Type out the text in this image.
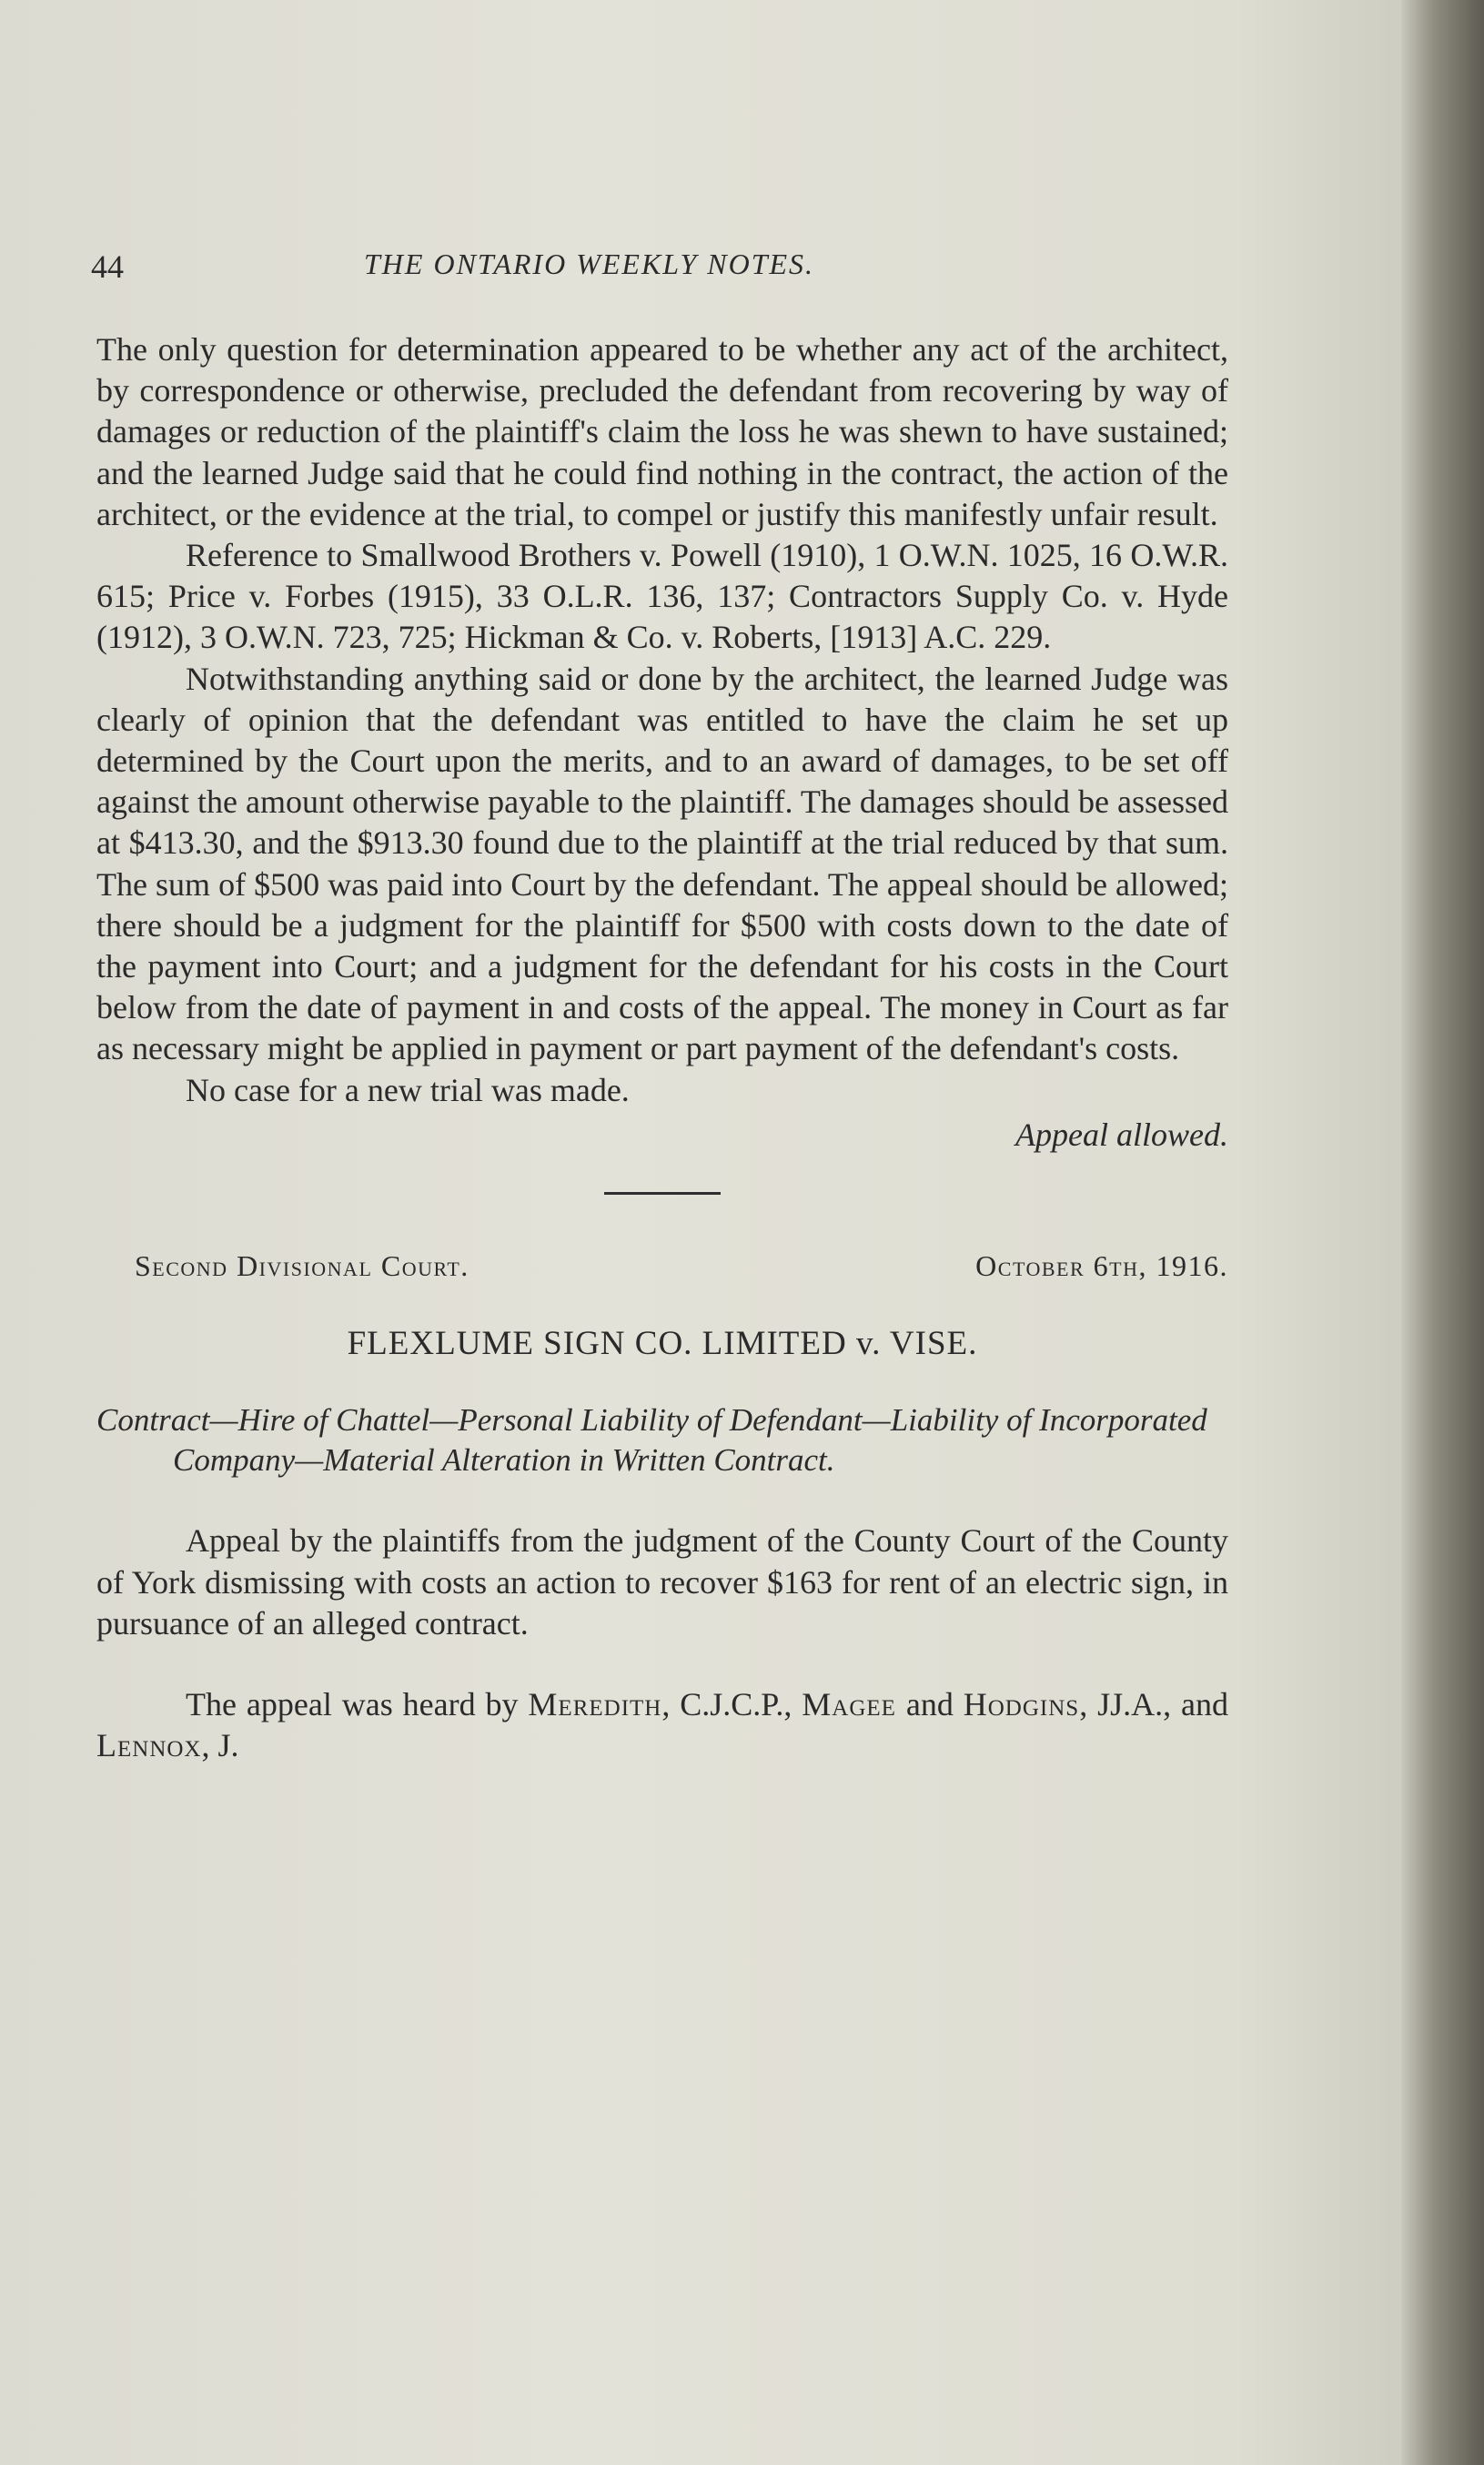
44	THE ONTARIO WEEKLY NOTES.

The only question for determination appeared to be whether any act of the architect, by correspondence or otherwise, precluded the defendant from recovering by way of damages or reduction of the plaintiff's claim the loss he was shewn to have sustained; and the learned Judge said that he could find nothing in the contract, the action of the architect, or the evidence at the trial, to compel or justify this manifestly unfair result.

Reference to Smallwood Brothers v. Powell (1910), 1 O.W.N. 1025, 16 O.W.R. 615; Price v. Forbes (1915), 33 O.L.R. 136, 137; Contractors Supply Co. v. Hyde (1912), 3 O.W.N. 723, 725; Hickman & Co. v. Roberts, [1913] A.C. 229.

Notwithstanding anything said or done by the architect, the learned Judge was clearly of opinion that the defendant was entitled to have the claim he set up determined by the Court upon the merits, and to an award of damages, to be set off against the amount otherwise payable to the plaintiff. The damages should be assessed at $413.30, and the $913.30 found due to the plaintiff at the trial reduced by that sum. The sum of $500 was paid into Court by the defendant. The appeal should be allowed; there should be a judgment for the plaintiff for $500 with costs down to the date of the payment into Court; and a judgment for the defendant for his costs in the Court below from the date of payment in and costs of the appeal. The money in Court as far as necessary might be applied in payment or part payment of the defendant's costs.

No case for a new trial was made.

Appeal allowed.

Second Divisional Court.	October 6th, 1916.
FLEXLUME SIGN CO. LIMITED v. VISE.

Contract—Hire of Chattel—Personal Liability of Defendant—Liability of Incorporated Company—Material Alteration in Written Contract.

Appeal by the plaintiffs from the judgment of the County Court of the County of York dismissing with costs an action to recover $163 for rent of an electric sign, in pursuance of an alleged contract.

The appeal was heard by Meredith, C.J.C.P., Magee and Hodgins, JJ.A., and Lennox, J.
